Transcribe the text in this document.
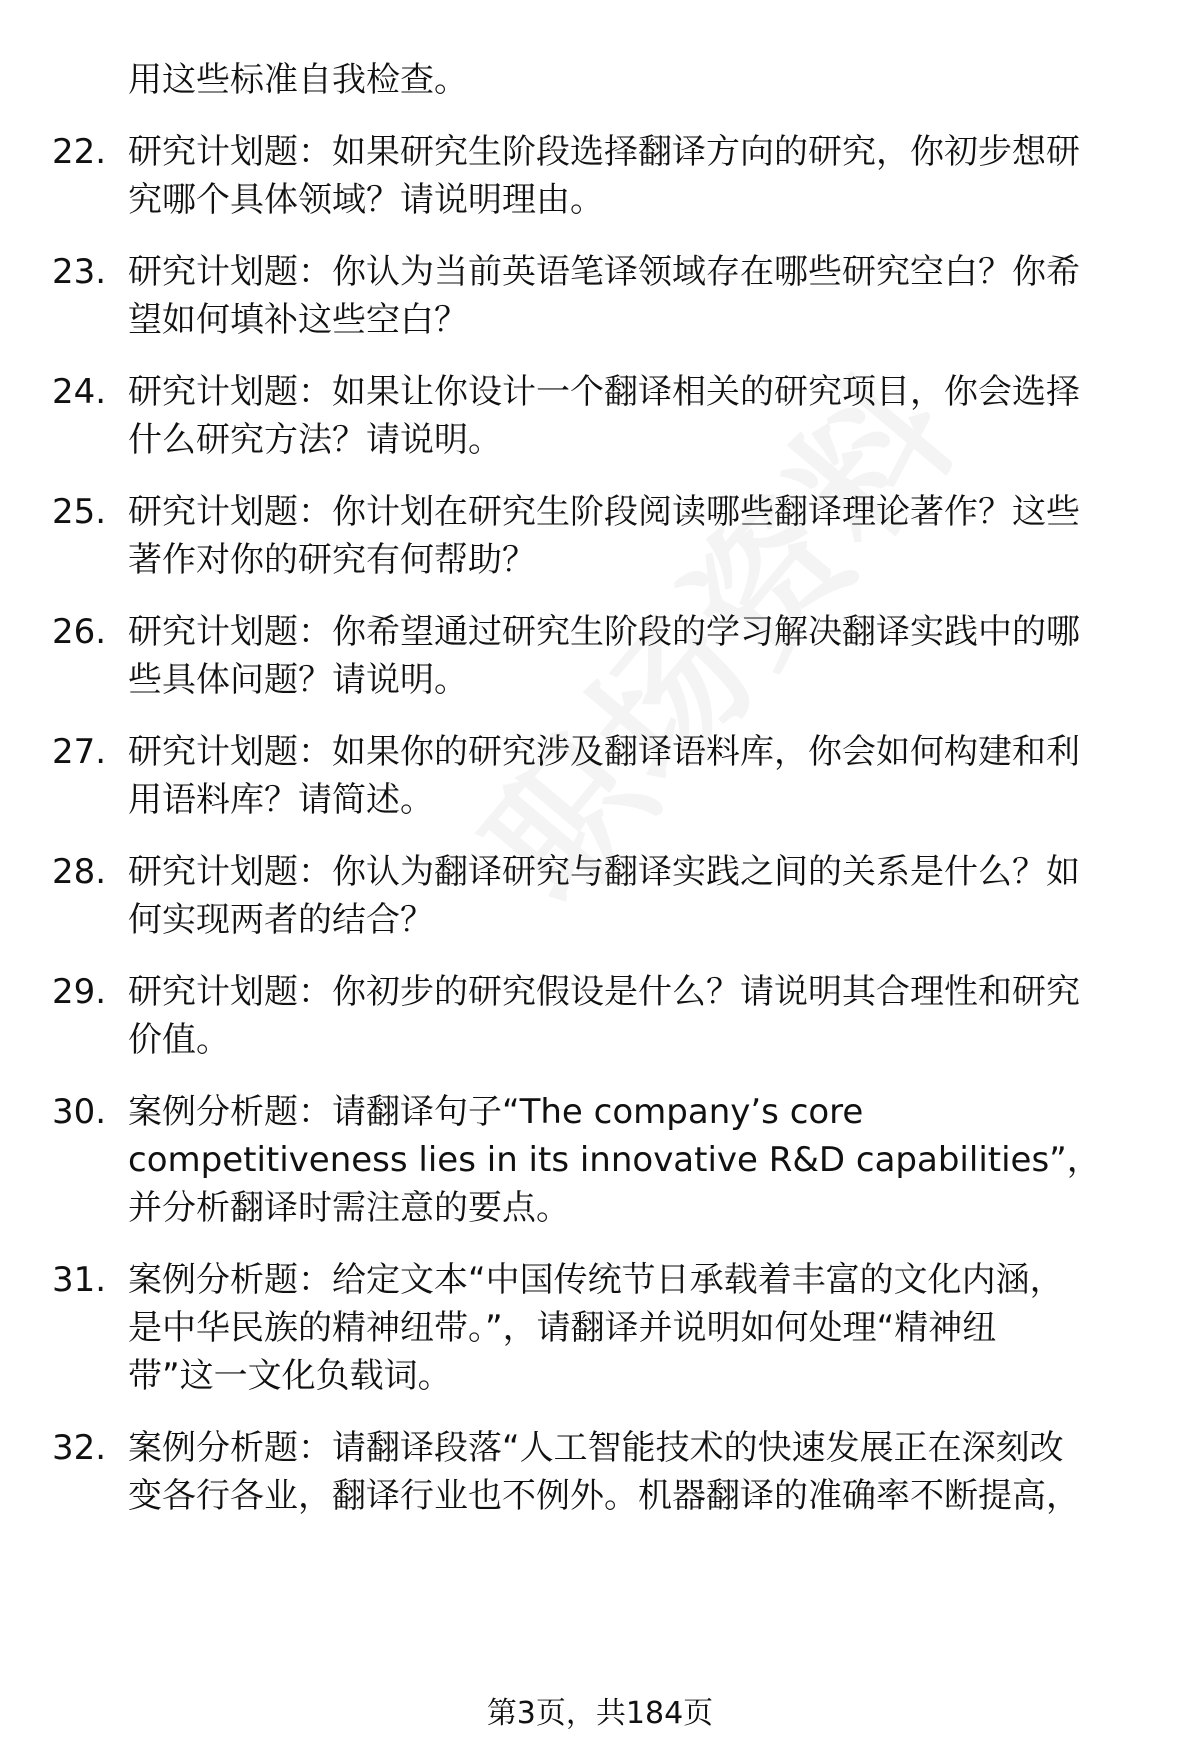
用这些标准自我检查。
22. 研究计划题：如果研究生阶段选择翻译方向的研究，你初步想研
究哪个具体领域？请说明理由。
23. 研究计划题：你认为当前英语笔译领域存在哪些研究空白？你希
望如何填补这些空白？
24. 研究计划题：如果让你设计一个翻译相关的研究项目，你会选择
什么研究方法？请说明。
25. 研究计划题：你计划在研究生阶段阅读哪些翻译理论著作？这些
著作对你的研究有何帮助？
26. 研究计划题：你希望通过研究生阶段的学习解决翻译实践中的哪
些具体问题？请说明。
27. 研究计划题：如果你的研究涉及翻译语料库，你会如何构建和利
用语料库？请简述。
28. 研究计划题：你认为翻译研究与翻译实践之间的关系是什么？如
何实现两者的结合？
29. 研究计划题：你初步的研究假设是什么？请说明其合理性和研究
价值。
30. 案例分析题：请翻译句子“The company’s core
competitiveness lies in its innovative R&D capabilities”，
并分析翻译时需注意的要点。
31. 案例分析题：给定文本“中国传统节日承载着丰富的文化内涵，
是中华民族的精神纽带。”，请翻译并说明如何处理“精神纽
带”这一文化负载词。
32. 案例分析题：请翻译段落“人工智能技术的快速发展正在深刻改
变各行各业，翻译行业也不例外。机器翻译的准确率不断提高，
第3页，共184页
